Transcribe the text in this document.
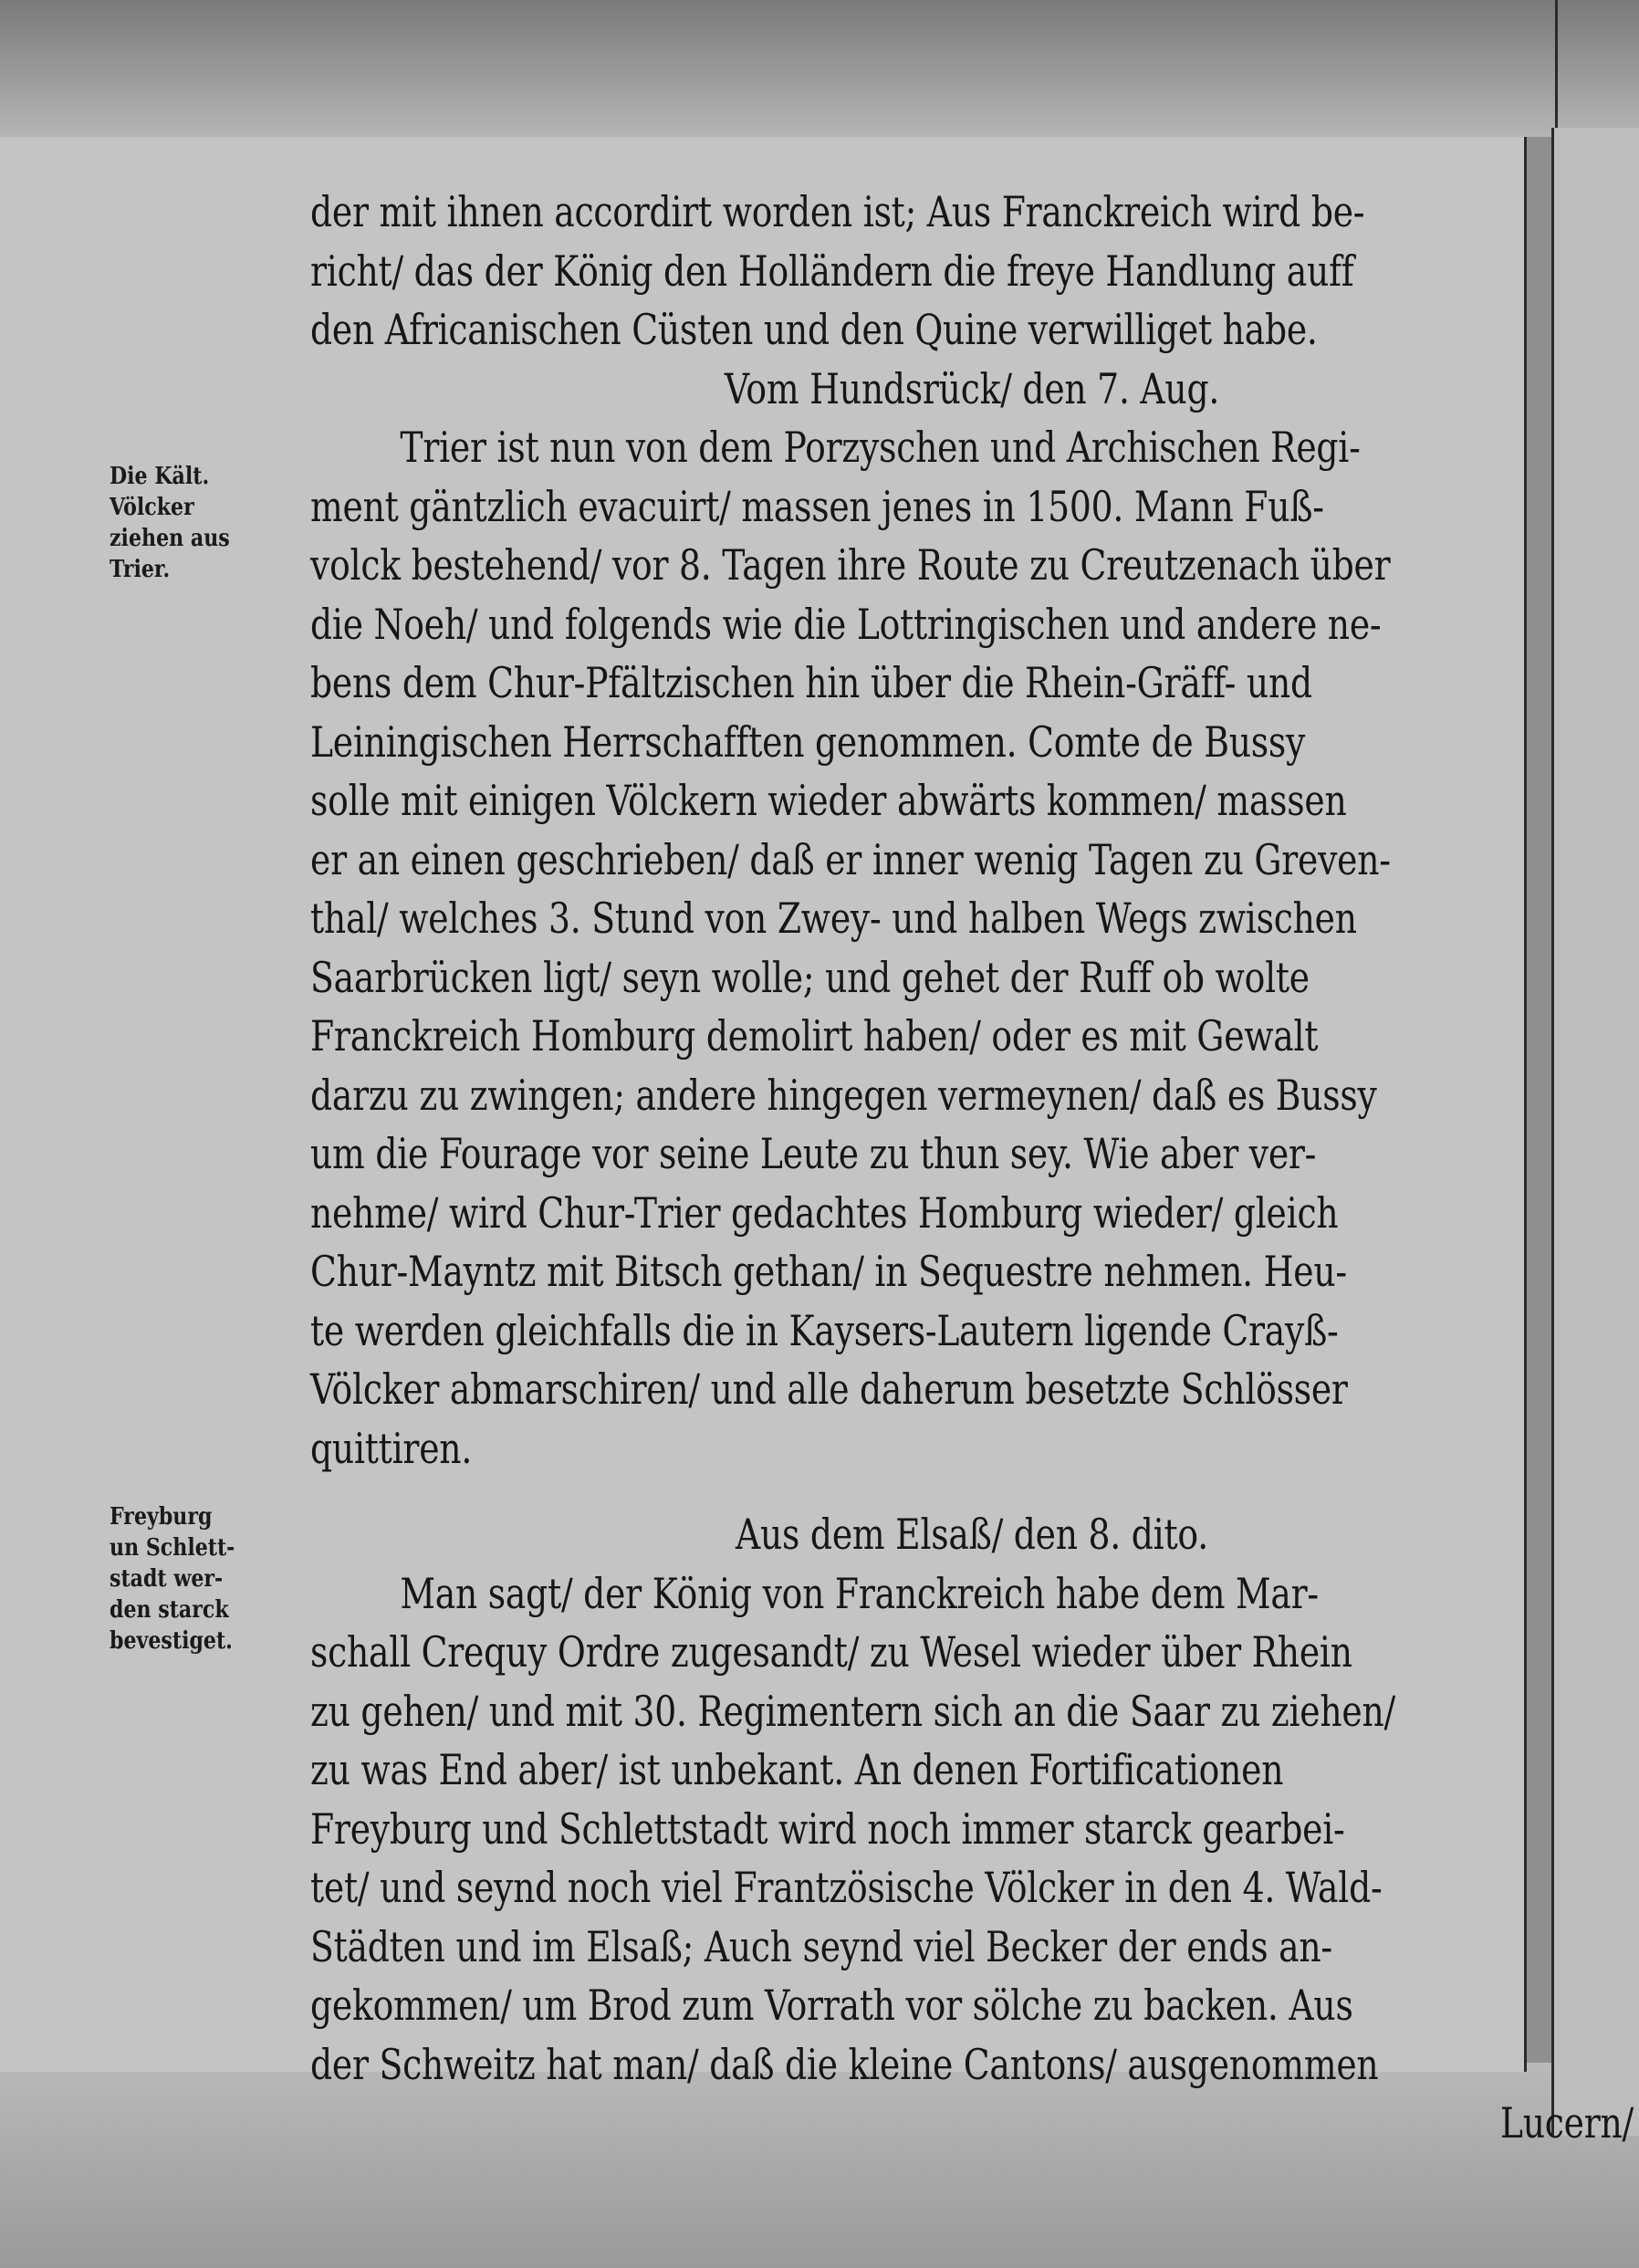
Die Kält.
Völcker
ziehen aus
Trier.
Freyburg
un Schlett-
stadt wer-
den starck
bevestiget.
der mit ihnen accordirt worden ist; Aus Franckreich wird be-
richt/ das der König den Holländern die freye Handlung auff
den Africanischen Cüsten und den Quine verwilliget habe.
Vom Hundsrück/ den 7. Aug.
Trier ist nun von dem Porzyschen und Archischen Regi-
ment gäntzlich evacuirt/ massen jenes in 1500. Mann Fuß-
volck bestehend/ vor 8. Tagen ihre Route zu Creutzenach über
die Noeh/ und folgends wie die Lottringischen und andere ne-
bens dem Chur-Pfältzischen hin über die Rhein-Gräff- und
Leiningischen Herrschafften genommen. Comte de Bussy
solle mit einigen Völckern wieder abwärts kommen/ massen
er an einen geschrieben/ daß er inner wenig Tagen zu Greven-
thal/ welches 3. Stund von Zwey- und halben Wegs zwischen
Saarbrücken ligt/ seyn wolle; und gehet der Ruff ob wolte
Franckreich Homburg demolirt haben/ oder es mit Gewalt
darzu zu zwingen; andere hingegen vermeynen/ daß es Bussy
um die Fourage vor seine Leute zu thun sey. Wie aber ver-
nehme/ wird Chur-Trier gedachtes Homburg wieder/ gleich
Chur-Mayntz mit Bitsch gethan/ in Sequestre nehmen. Heu-
te werden gleichfalls die in Kaysers-Lautern ligende Crayß-
Völcker abmarschiren/ und alle daherum besetzte Schlösser
quittiren.
Aus dem Elsaß/ den 8. dito.
Man sagt/ der König von Franckreich habe dem Mar-
schall Crequy Ordre zugesandt/ zu Wesel wieder über Rhein
zu gehen/ und mit 30. Regimentern sich an die Saar zu ziehen/
zu was End aber/ ist unbekant. An denen Fortificationen
Freyburg und Schlettstadt wird noch immer starck gearbei-
tet/ und seynd noch viel Frantzösische Völcker in den 4. Wald-
Städten und im Elsaß; Auch seynd viel Becker der ends an-
gekommen/ um Brod zum Vorrath vor sölche zu backen. Aus
der Schweitz hat man/ daß die kleine Cantons/ ausgenommen
Lucern/
